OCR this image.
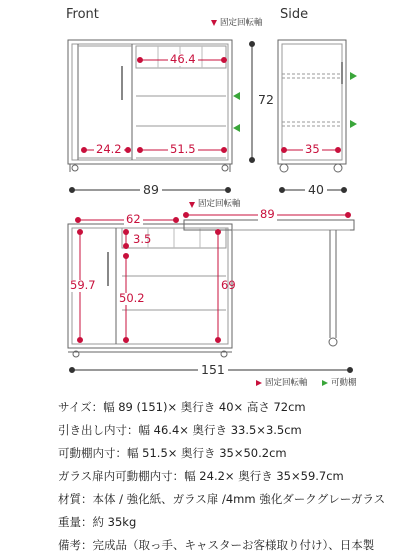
Front	Side
固定回転軸
固定回転軸
46.4
72
24.2	51.5
89
35
40
62	89
3.5
59.7
50.2
69
151
固定回転軸	可動棚
サイズ：幅 89 (151)× 奥行き 40× 高さ 72cm
引き出し内寸：幅 46.4× 奥行き 33.5×3.5cm
可動棚内寸：幅 51.5× 奥行き 35×50.2cm
ガラス扉内可動棚内寸：幅 24.2× 奥行き 35×59.7cm
材質：本体 / 強化紙、ガラス扉 /4mm 強化ダークグレーガラス
重量：約 35kg
備考：完成品（取っ手、キャスターお客様取り付け）、日本製
